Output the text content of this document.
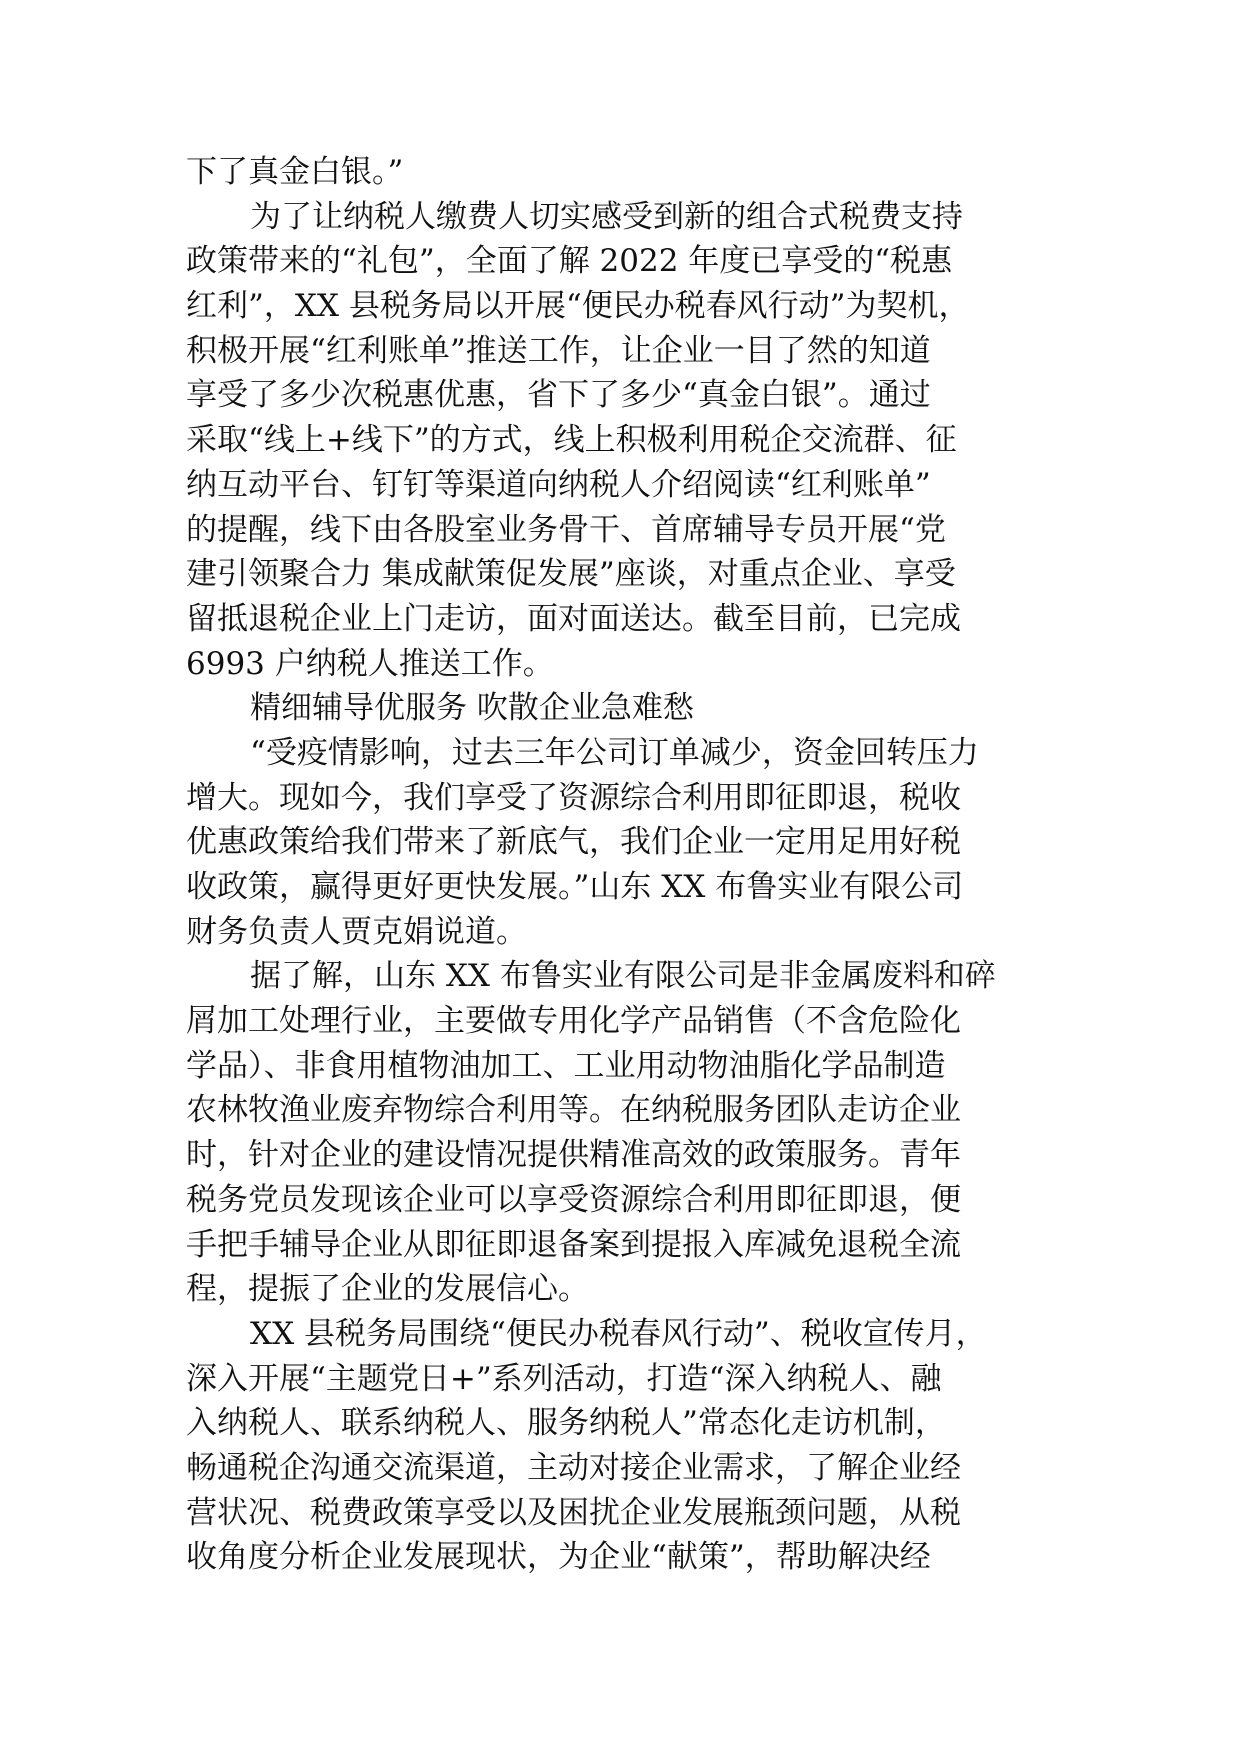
下了真金白银。”
为了让纳税人缴费人切实感受到新的组合式税费支持
政策带来的“礼包”，全面了解 2022 年度已享受的“税惠
红利”，XX 县税务局以开展“便民办税春风行动”为契机，
积极开展“红利账单”推送工作，让企业一目了然的知道
享受了多少次税惠优惠，省下了多少“真金白银”。通过
采取“线上+线下”的方式，线上积极利用税企交流群、征
纳互动平台、钉钉等渠道向纳税人介绍阅读“红利账单”
的提醒，线下由各股室业务骨干、首席辅导专员开展“党
建引领聚合力 集成献策促发展”座谈，对重点企业、享受
留抵退税企业上门走访，面对面送达。截至目前，已完成
6993 户纳税人推送工作。
精细辅导优服务 吹散企业急难愁
“受疫情影响，过去三年公司订单减少，资金回转压力
增大。现如今，我们享受了资源综合利用即征即退，税收
优惠政策给我们带来了新底气，我们企业一定用足用好税
收政策，赢得更好更快发展。”山东 XX 布鲁实业有限公司
财务负责人贾克娟说道。
据了解，山东 XX 布鲁实业有限公司是非金属废料和碎
屑加工处理行业，主要做专用化学产品销售（不含危险化
学品）、非食用植物油加工、工业用动物油脂化学品制造
农林牧渔业废弃物综合利用等。在纳税服务团队走访企业
时，针对企业的建设情况提供精准高效的政策服务。青年
税务党员发现该企业可以享受资源综合利用即征即退，便
手把手辅导企业从即征即退备案到提报入库减免退税全流
程，提振了企业的发展信心。
XX 县税务局围绕“便民办税春风行动”、税收宣传月，
深入开展“主题党日+”系列活动，打造“深入纳税人、融
入纳税人、联系纳税人、服务纳税人”常态化走访机制，
畅通税企沟通交流渠道，主动对接企业需求，了解企业经
营状况、税费政策享受以及困扰企业发展瓶颈问题，从税
收角度分析企业发展现状，为企业“献策”，帮助解决经
